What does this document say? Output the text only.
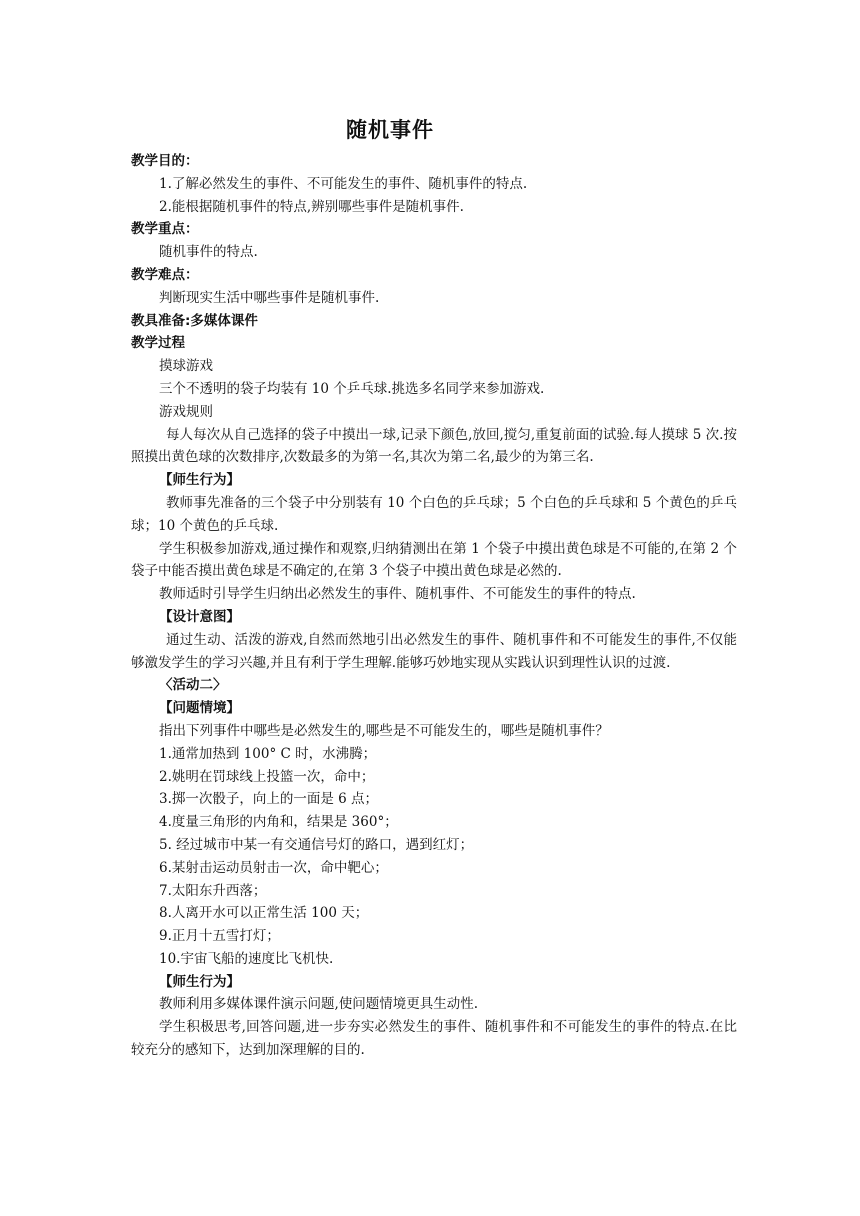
随机事件
教学目的：
1.了解必然发生的事件、不可能发生的事件、随机事件的特点.
2.能根据随机事件的特点,辨别哪些事件是随机事件.
教学重点：
随机事件的特点.
教学难点：
判断现实生活中哪些事件是随机事件.
教具准备:多媒体课件
教学过程
摸球游戏
三个不透明的袋子均装有 10 个乒乓球.挑选多名同学来参加游戏.
游戏规则
每人每次从自己选择的袋子中摸出一球,记录下颜色,放回,搅匀,重复前面的试验.每人摸球 5 次.按照摸出黄色球的次数排序,次数最多的为第一名,其次为第二名,最少的为第三名.
【师生行为】
教师事先准备的三个袋子中分别装有 10 个白色的乒乓球；5 个白色的乒乓球和 5 个黄色的乒乓球；10 个黄色的乒乓球.
学生积极参加游戏,通过操作和观察,归纳猜测出在第 1 个袋子中摸出黄色球是不可能的,在第 2 个袋子中能否摸出黄色球是不确定的,在第 3 个袋子中摸出黄色球是必然的.
教师适时引导学生归纳出必然发生的事件、随机事件、不可能发生的事件的特点.
【设计意图】
通过生动、活泼的游戏,自然而然地引出必然发生的事件、随机事件和不可能发生的事件,不仅能够激发学生的学习兴趣,并且有利于学生理解.能够巧妙地实现从实践认识到理性认识的过渡.
〈活动二〉
【问题情境】
指出下列事件中哪些是必然发生的,哪些是不可能发生的，哪些是随机事件？
1.通常加热到 100° C 时，水沸腾；
2.姚明在罚球线上投篮一次，命中；
3.掷一次骰子，向上的一面是 6 点；
4.度量三角形的内角和，结果是 360°；
5. 经过城市中某一有交通信号灯的路口，遇到红灯；
6.某射击运动员射击一次，命中靶心；
7.太阳东升西落；
8.人离开水可以正常生活 100 天；
9.正月十五雪打灯；
10.宇宙飞船的速度比飞机快.
【师生行为】
教师利用多媒体课件演示问题,使问题情境更具生动性.
学生积极思考,回答问题,进一步夯实必然发生的事件、随机事件和不可能发生的事件的特点.在比较充分的感知下，达到加深理解的目的.
